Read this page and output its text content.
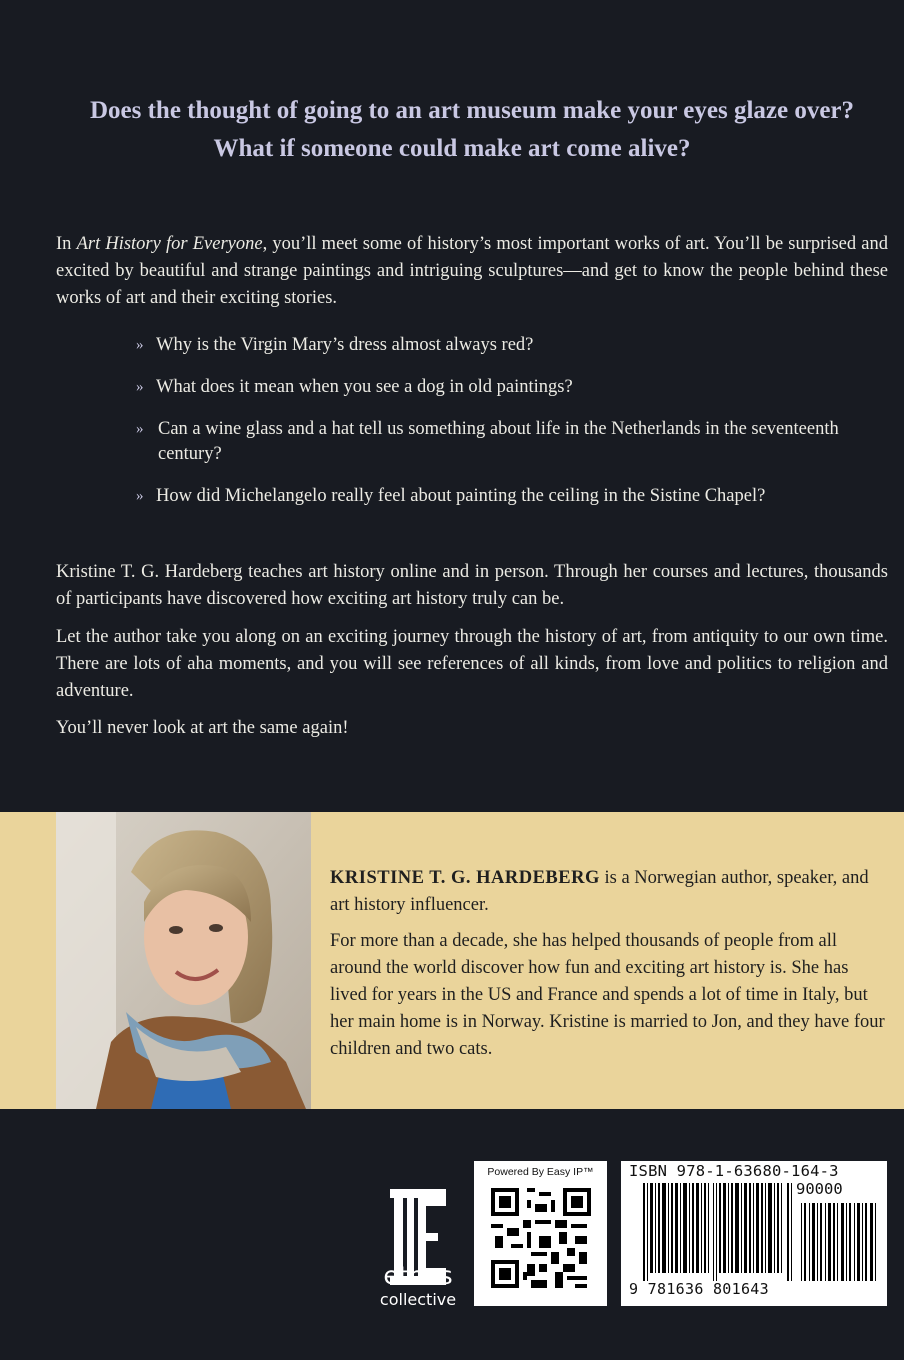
Does the thought of going to an art museum make your eyes glaze over?
What if someone could make art come alive?

In Art History for Everyone, you’ll meet some of history’s most important works of art. You’ll be surprised and excited by beautiful and strange paintings and intriguing sculptures—and get to know the people behind these works of art and their exciting stories.

» Why is the Virgin Mary’s dress almost always red?
» What does it mean when you see a dog in old paintings?
» Can a wine glass and a hat tell us something about life in the Netherlands in the seventeenth century?
» How did Michelangelo really feel about painting the ceiling in the Sistine Chapel?

Kristine T. G. Hardeberg teaches art history online and in person. Through her courses and lectures, thousands of participants have discovered how exciting art history truly can be.

Let the author take you along on an exciting journey through the history of art, from antiquity to our own time. There are lots of aha moments, and you will see references of all kinds, from love and politics to religion and adventure.

You’ll never look at art the same again!

KRISTINE T. G. HARDEBERG is a Norwegian author, speaker, and art history influencer.

For more than a decade, she has helped thousands of people from all around the world discover how fun and exciting art history is. She has lived for years in the US and France and spends a lot of time in Italy, but her main home is in Norway. Kristine is married to Jon, and they have four children and two cats.

ethos
collective
Powered By Easy IP™	ISBN 978-1-63680-164-3
90000
9 781636 801643
